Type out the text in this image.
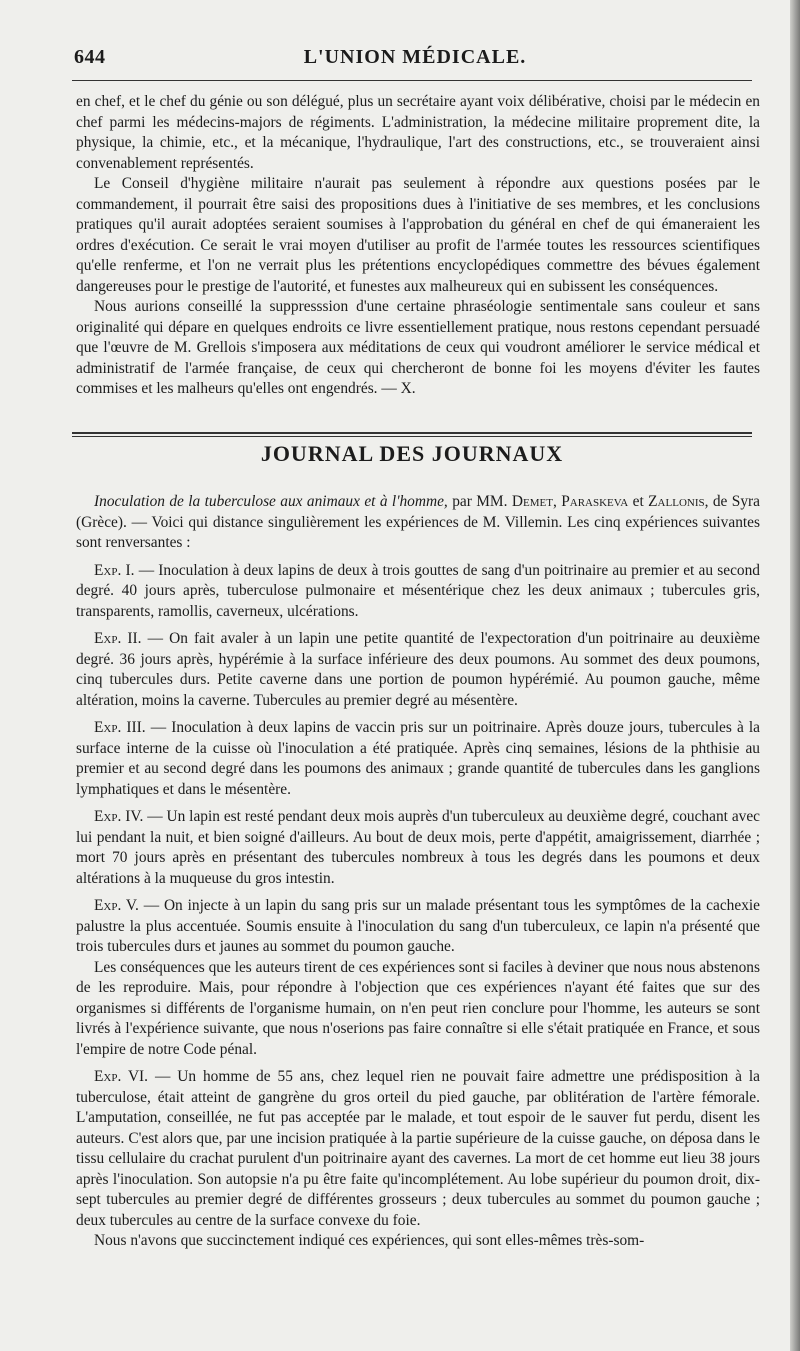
644	L'UNION MÉDICALE.

en chef, et le chef du génie ou son délégué, plus un secrétaire ayant voix délibérative, choisi par le médecin en chef parmi les médecins-majors de régiments. L'administration, la médecine militaire proprement dite, la physique, la chimie, etc., et la mécanique, l'hydraulique, l'art des constructions, etc., se trouveraient ainsi convenablement représentés.

Le Conseil d'hygiène militaire n'aurait pas seulement à répondre aux questions posées par le commandement, il pourrait être saisi des propositions dues à l'initiative de ses membres, et les conclusions pratiques qu'il aurait adoptées seraient soumises à l'approbation du général en chef de qui émaneraient les ordres d'exécution. Ce serait le vrai moyen d'utiliser au profit de l'armée toutes les ressources scientifiques qu'elle renferme, et l'on ne verrait plus les prétentions encyclopédiques commettre des bévues également dangereuses pour le prestige de l'autorité, et funestes aux malheureux qui en subissent les conséquences.

Nous aurions conseillé la suppresssion d'une certaine phraséologie sentimentale sans couleur et sans originalité qui dépare en quelques endroits ce livre essentiellement pratique, nous restons cependant persuadé que l'œuvre de M. Grellois s'imposera aux méditations de ceux qui voudront améliorer le service médical et administratif de l'armée française, de ceux qui chercheront de bonne foi les moyens d'éviter les fautes commises et les malheurs qu'elles ont engendrés. — X.

JOURNAL DES JOURNAUX

Inoculation de la tuberculose aux animaux et à l'homme, par MM. Demet, Paraskeva et Zallonis, de Syra (Grèce). — Voici qui distance singulièrement les expériences de M. Villemin. Les cinq expériences suivantes sont renversantes :

Exp. I. — Inoculation à deux lapins de deux à trois gouttes de sang d'un poitrinaire au premier et au second degré. 40 jours après, tuberculose pulmonaire et mésentérique chez les deux animaux ; tubercules gris, transparents, ramollis, caverneux, ulcérations.

Exp. II. — On fait avaler à un lapin une petite quantité de l'expectoration d'un poitrinaire au deuxième degré. 36 jours après, hypérémie à la surface inférieure des deux poumons. Au sommet des deux poumons, cinq tubercules durs. Petite caverne dans une portion de poumon hypérémié. Au poumon gauche, même altération, moins la caverne. Tubercules au premier degré au mésentère.

Exp. III. — Inoculation à deux lapins de vaccin pris sur un poitrinaire. Après douze jours, tubercules à la surface interne de la cuisse où l'inoculation a été pratiquée. Après cinq semaines, lésions de la phthisie au premier et au second degré dans les poumons des animaux ; grande quantité de tubercules dans les ganglions lymphatiques et dans le mésentère.

Exp. IV. — Un lapin est resté pendant deux mois auprès d'un tuberculeux au deuxième degré, couchant avec lui pendant la nuit, et bien soigné d'ailleurs. Au bout de deux mois, perte d'appétit, amaigrissement, diarrhée ; mort 70 jours après en présentant des tubercules nombreux à tous les degrés dans les poumons et deux altérations à la muqueuse du gros intestin.

Exp. V. — On injecte à un lapin du sang pris sur un malade présentant tous les symptômes de la cachexie palustre la plus accentuée. Soumis ensuite à l'inoculation du sang d'un tuberculeux, ce lapin n'a présenté que trois tubercules durs et jaunes au sommet du poumon gauche.

Les conséquences que les auteurs tirent de ces expériences sont si faciles à deviner que nous nous abstenons de les reproduire. Mais, pour répondre à l'objection que ces expériences n'ayant été faites que sur des organismes si différents de l'organisme humain, on n'en peut rien conclure pour l'homme, les auteurs se sont livrés à l'expérience suivante, que nous n'oserions pas faire connaître si elle s'était pratiquée en France, et sous l'empire de notre Code pénal.

Exp. VI. — Un homme de 55 ans, chez lequel rien ne pouvait faire admettre une prédisposition à la tuberculose, était atteint de gangrène du gros orteil du pied gauche, par oblitération de l'artère fémorale. L'amputation, conseillée, ne fut pas acceptée par le malade, et tout espoir de le sauver fut perdu, disent les auteurs. C'est alors que, par une incision pratiquée à la partie supérieure de la cuisse gauche, on déposa dans le tissu cellulaire du crachat purulent d'un poitrinaire ayant des cavernes. La mort de cet homme eut lieu 38 jours après l'inoculation. Son autopsie n'a pu être faite qu'incomplétement. Au lobe supérieur du poumon droit, dix-sept tubercules au premier degré de différentes grosseurs ; deux tubercules au sommet du poumon gauche ; deux tubercules au centre de la surface convexe du foie.

Nous n'avons que succinctement indiqué ces expériences, qui sont elles-mêmes très-som-
